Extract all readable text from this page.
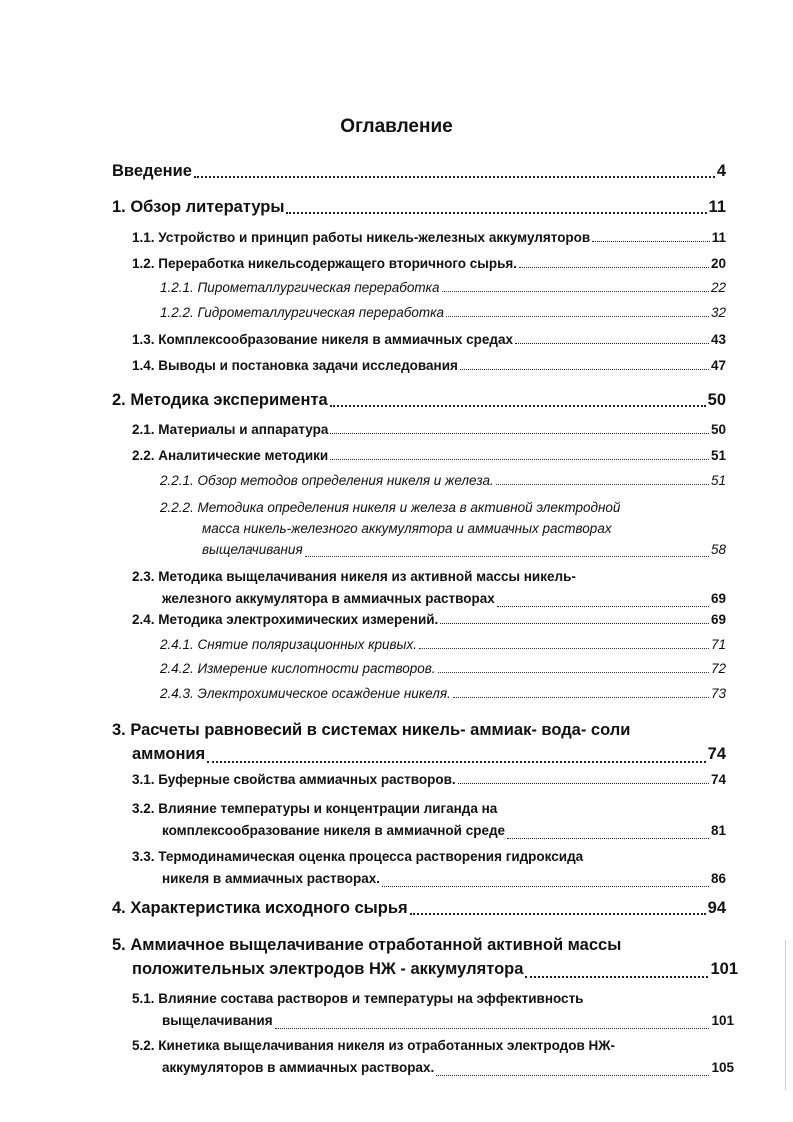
Оглавление
Введение	4
1. Обзор литературы	11
1.1. Устройство и принцип работы никель-железных аккумуляторов	11
1.2. Переработка никельсодержащего вторичного сырья.	20
1.2.1. Пирометаллургическая переработка	22
1.2.2. Гидрометаллургическая переработка	32
1.3. Комплексообразование никеля в аммиачных средах	43
1.4. Выводы и постановка задачи исследования	47
2. Методика эксперимента	50
2.1. Материалы и аппаратура	50
2.2. Аналитические методики	51
2.2.1. Обзор методов определения никеля и железа.	51
2.2.2. Методика определения никеля и железа в активной электродной
масса никель-железного аккумулятора и аммиачных растворах
выщелачивания	58
2.3. Методика выщелачивания никеля из активной массы никель-
железного аккумулятора в аммиачных растворах	69
2.4. Методика электрохимических измерений.	69
2.4.1. Снятие поляризационных кривых.	71
2.4.2. Измерение кислотности растворов.	72
2.4.3. Электрохимическое осаждение никеля.	73
3. Расчеты равновесий в системах никель- аммиак- вода- соли
аммония	74
3.1. Буферные свойства аммиачных растворов.	74
3.2. Влияние температуры и концентрации лиганда на
комплексообразование никеля в аммиачной среде	81
3.3. Термодинамическая оценка процесса растворения гидроксида
никеля в аммиачных растворах.	86
4. Характеристика исходного сырья	94
5. Аммиачное выщелачивание отработанной активной массы
положительных электродов НЖ - аккумулятора	101
5.1. Влияние состава растворов и температуры на эффективность
выщелачивания	101
5.2. Кинетика выщелачивания никеля из отработанных электродов НЖ-
аккумуляторов в аммиачных растворах.	105
